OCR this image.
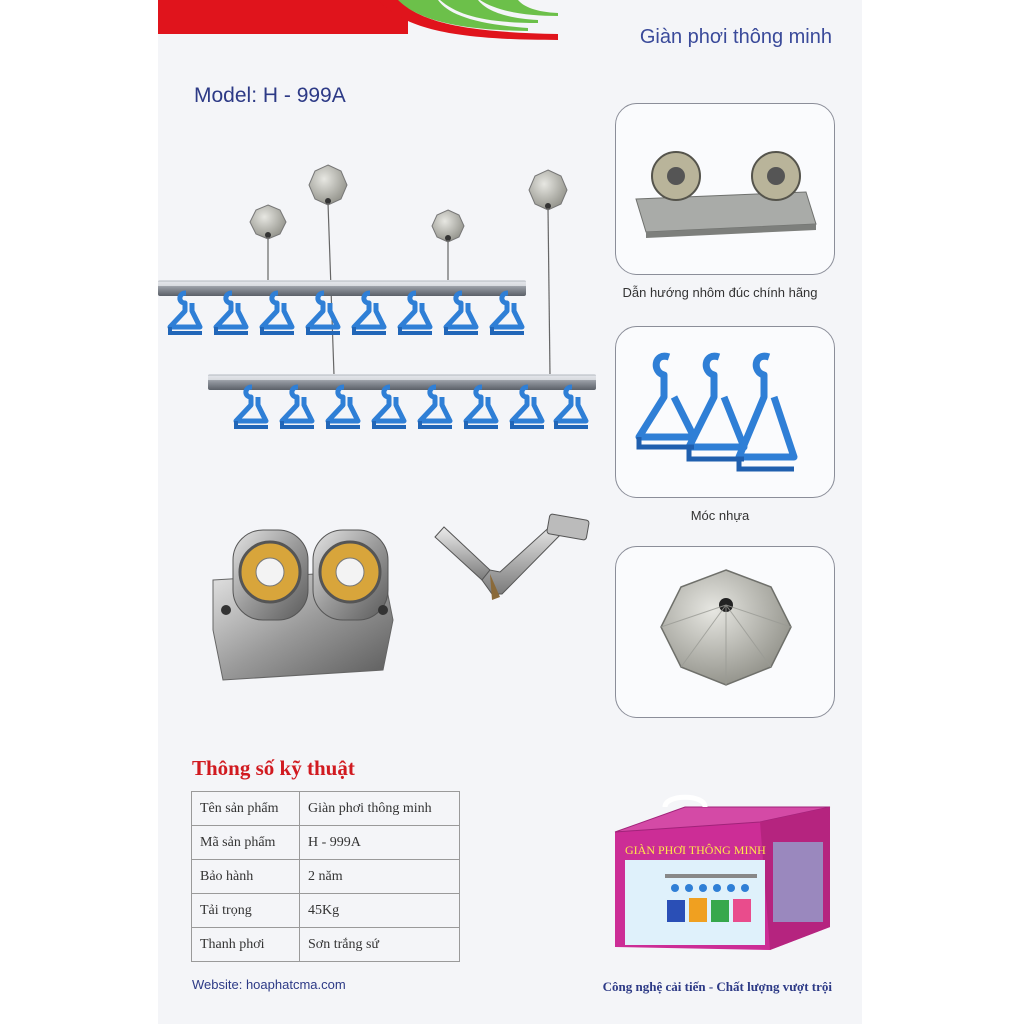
Giàn phơi thông minh
Model: H - 999A
Dẫn hướng nhôm đúc chính hãng
Móc nhựa
Thông số kỹ thuật
Tên sản phẩm	Giàn phơi thông minh
Mã sản phẩm	H - 999A
Bảo hành	2 năm
Tải trọng	45Kg
Thanh phơi	Sơn trắng sứ
GIÀN PHƠI THÔNG MINH
Website: hoaphatcma.com	Công nghệ cải tiến - Chất lượng vượt trội
